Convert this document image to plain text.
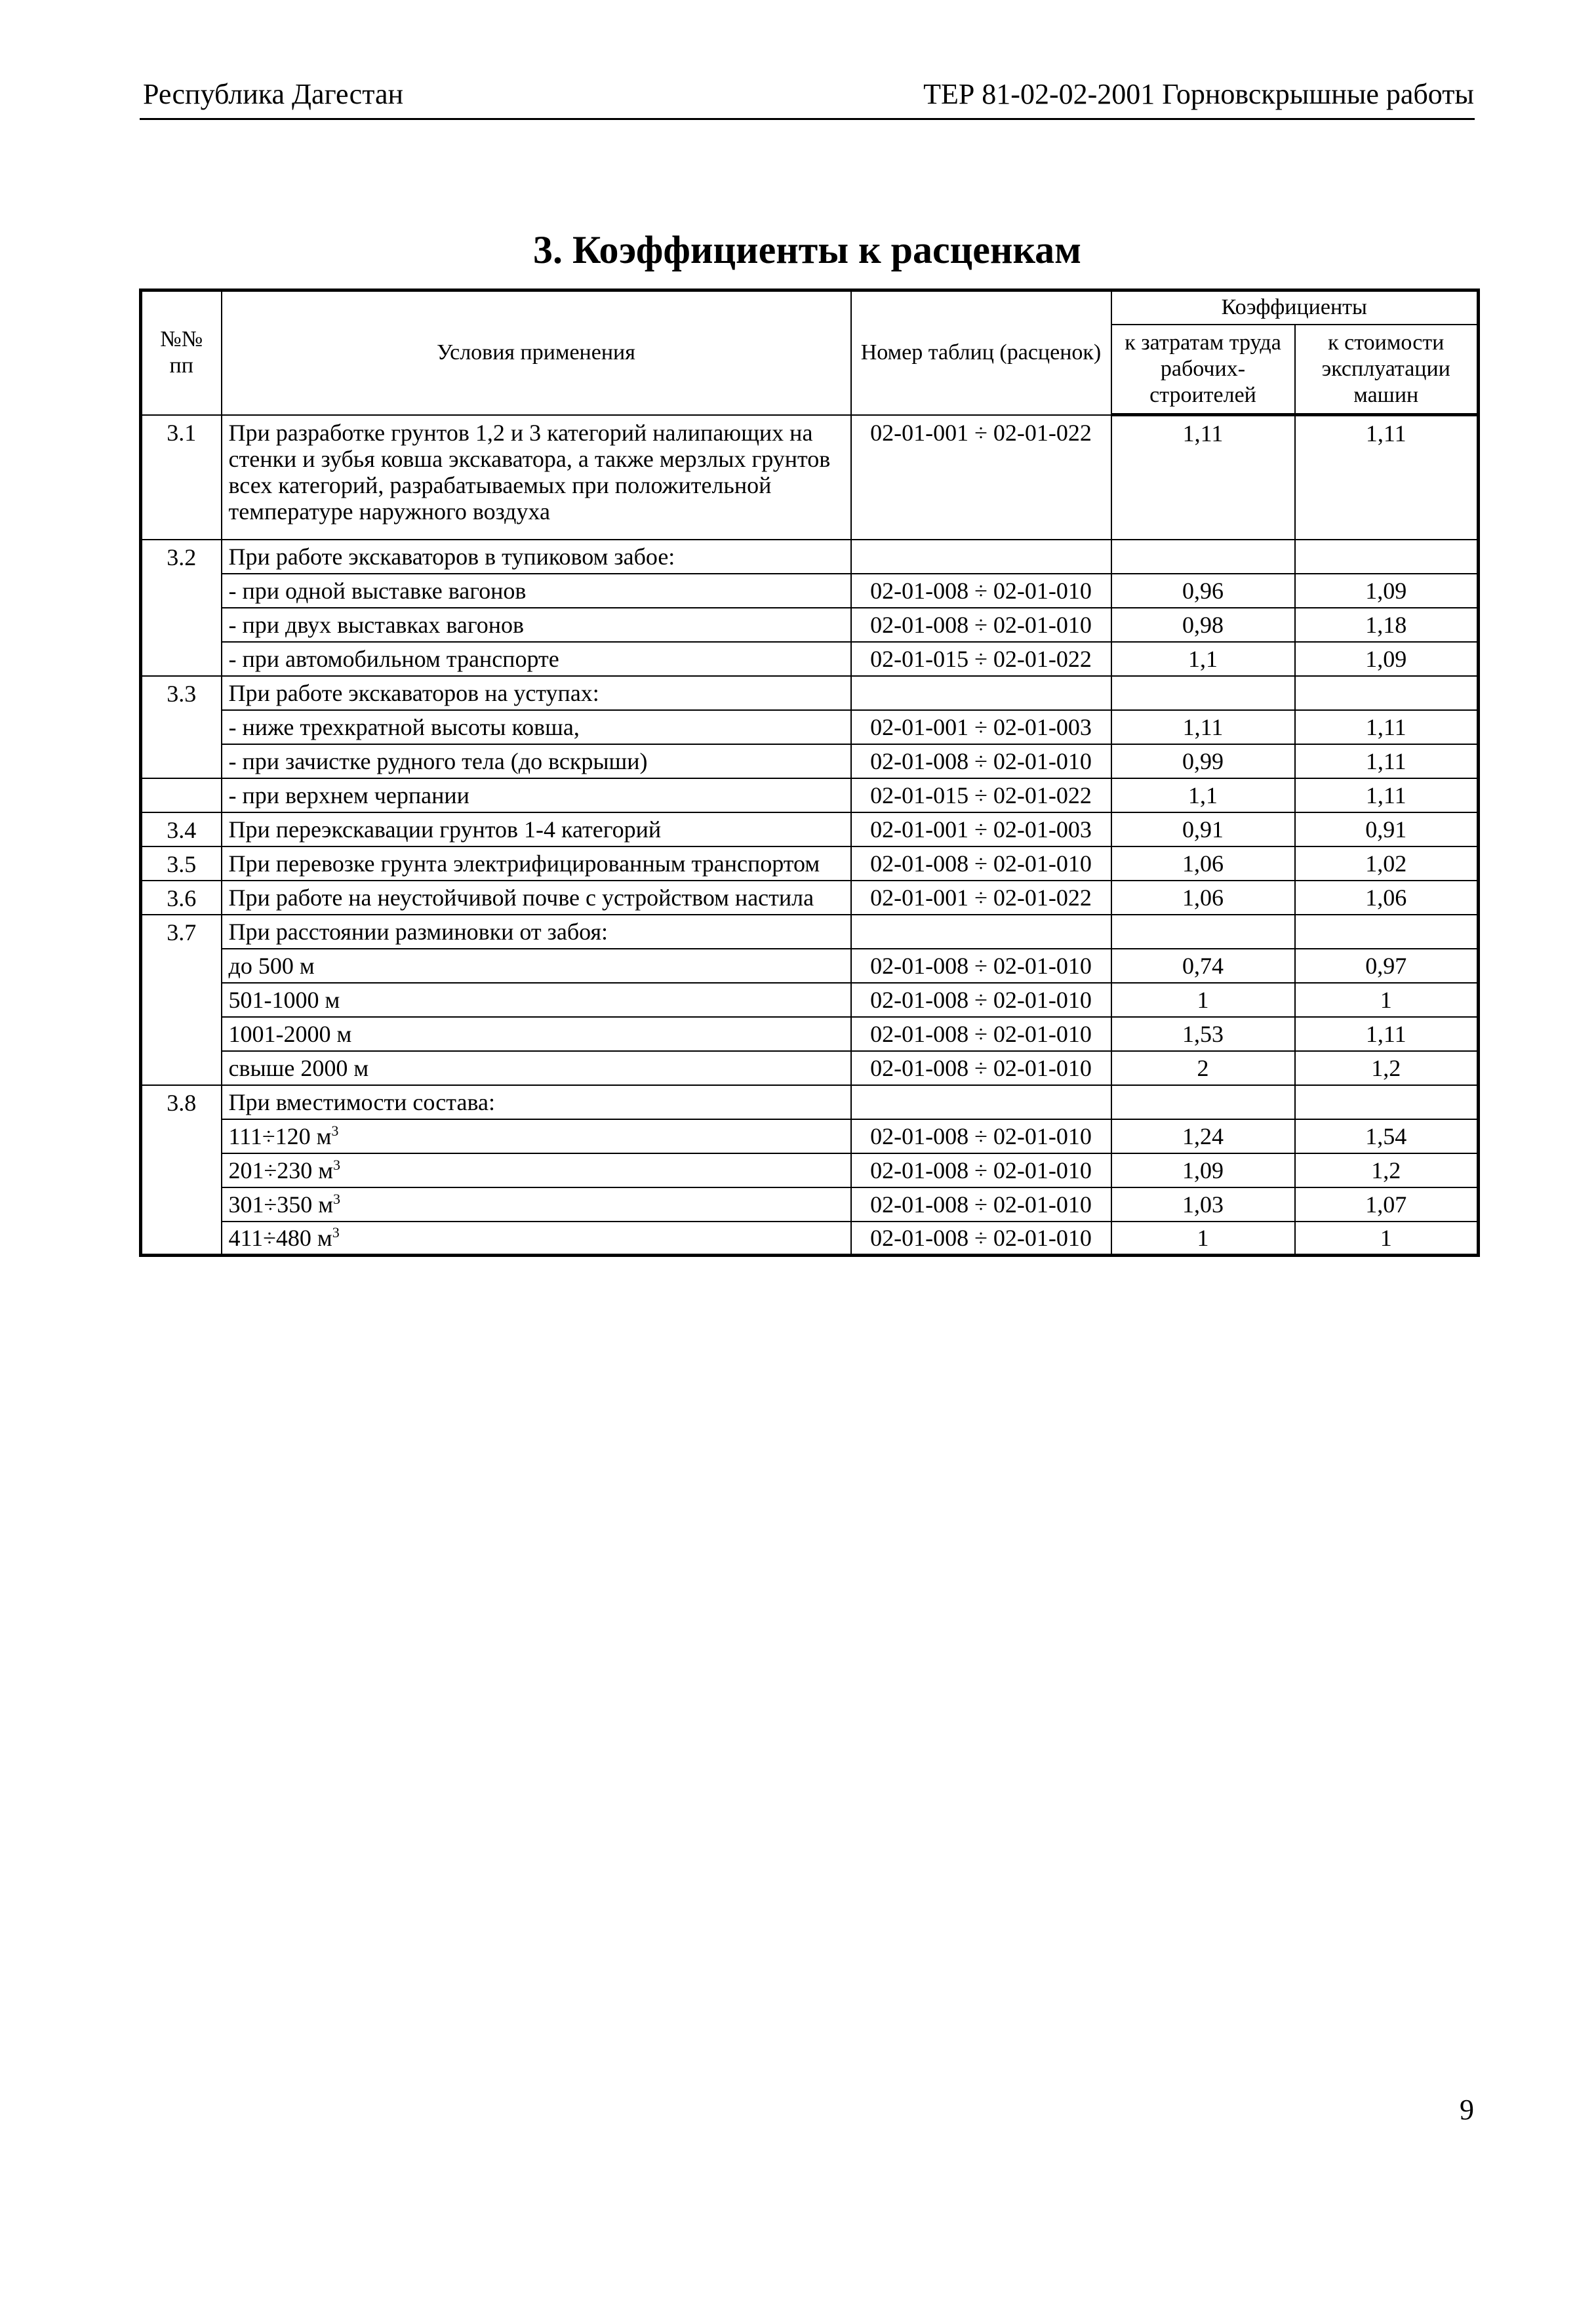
Республика Дагестан	ТЕР 81-02-02-2001 Горновскрышные работы
3. Коэффициенты к расценкам
№№ пп	Условия применения	Номер таблиц (расценок)	Коэффициенты	
			к затратам труда рабочих-строителей	к стоимости эксплуатации машин
3.1	При разработке грунтов 1,2 и 3 категорий налипающих на стенки и зубья ковша экскаватора, а также мерзлых грунтов всех категорий, разрабатываемых при положительной температуре наружного воздуха	02-01-001 ÷ 02-01-022	1,11	1,11
3.2	При работе экскаваторов в тупиковом забое:			
	- при одной выставке вагонов	02-01-008 ÷ 02-01-010	0,96	1,09
	- при двух выставках вагонов	02-01-008 ÷ 02-01-010	0,98	1,18
	- при автомобильном транспорте	02-01-015 ÷ 02-01-022	1,1	1,09
3.3	При работе экскаваторов на уступах:			
	- ниже трехкратной высоты ковша,	02-01-001 ÷ 02-01-003	1,11	1,11
	- при зачистке рудного тела (до вскрыши)	02-01-008 ÷ 02-01-010	0,99	1,11
	- при верхнем черпании	02-01-015 ÷ 02-01-022	1,1	1,11
3.4	При переэкскавации грунтов 1-4 категорий	02-01-001 ÷ 02-01-003	0,91	0,91
3.5	При перевозке грунта электрифицированным транспортом	02-01-008 ÷ 02-01-010	1,06	1,02
3.6	При работе на неустойчивой почве с устройством настила	02-01-001 ÷ 02-01-022	1,06	1,06
3.7	При расстоянии разминовки от забоя:			
	до 500 м	02-01-008 ÷ 02-01-010	0,74	0,97
	501-1000 м	02-01-008 ÷ 02-01-010	1	1
	1001-2000 м	02-01-008 ÷ 02-01-010	1,53	1,11
	свыше 2000 м	02-01-008 ÷ 02-01-010	2	1,2
3.8	При вместимости состава:			
	111÷120 $м^3$	02-01-008 ÷ 02-01-010	1,24	1,54
	201÷230 $м^3$	02-01-008 ÷ 02-01-010	1,09	1,2
	301÷350 $м^3$	02-01-008 ÷ 02-01-010	1,03	1,07
	411÷480 $м^3$	02-01-008 ÷ 02-01-010	1	1
9
